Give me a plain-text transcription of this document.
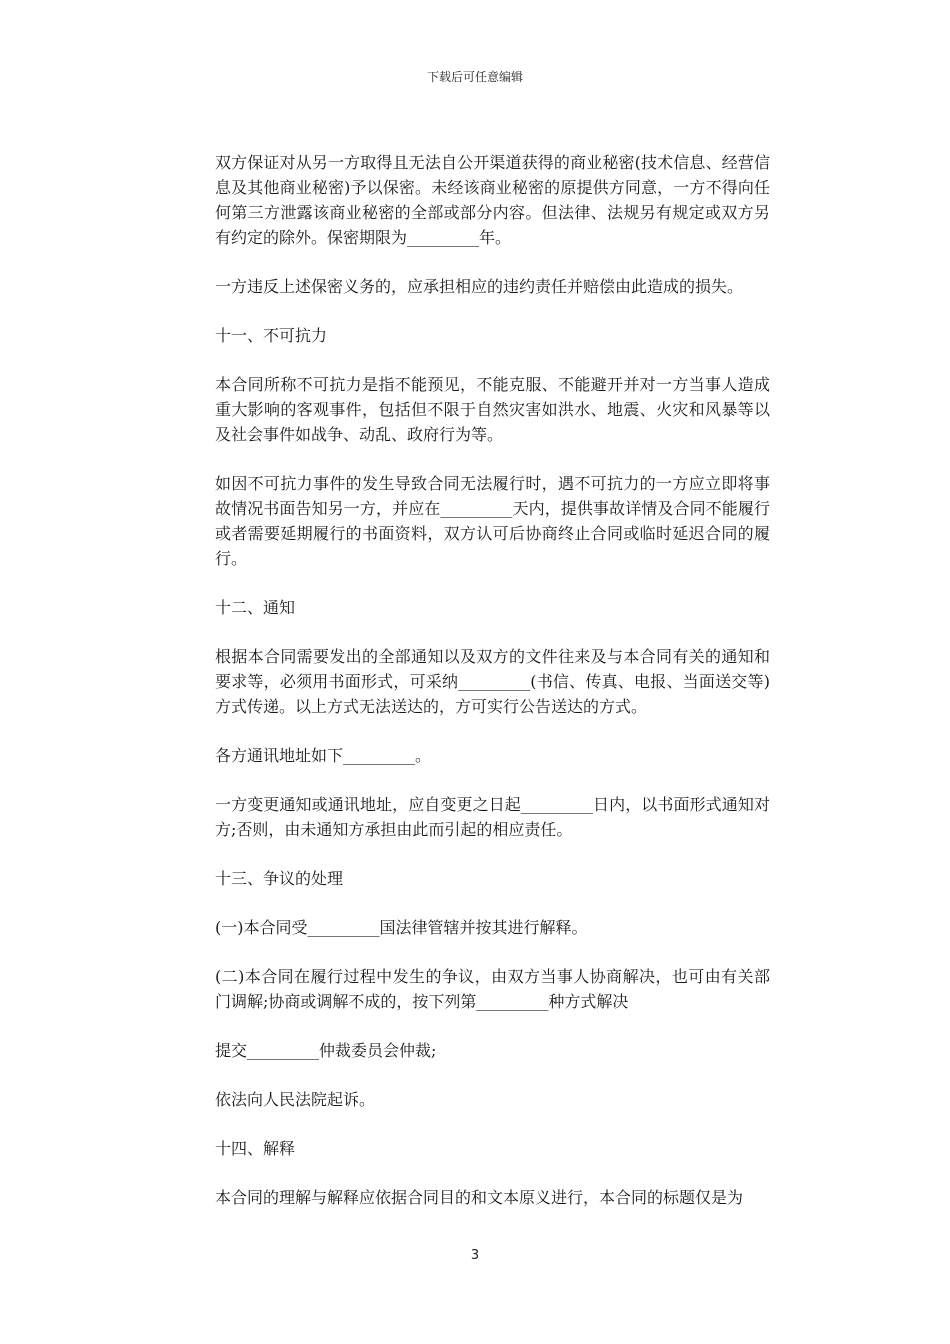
下载后可任意编辑

双方保证对从另一方取得且无法自公开渠道获得的商业秘密(技术信息、经营信息及其他商业秘密)予以保密。未经该商业秘密的原提供方同意，一方不得向任何第三方泄露该商业秘密的全部或部分内容。但法律、法规另有规定或双方另有约定的除外。保密期限为_________年。

一方违反上述保密义务的，应承担相应的违约责任并赔偿由此造成的损失。

十一、不可抗力

本合同所称不可抗力是指不能预见，不能克服、不能避开并对一方当事人造成重大影响的客观事件，包括但不限于自然灾害如洪水、地震、火灾和风暴等以及社会事件如战争、动乱、政府行为等。

如因不可抗力事件的发生导致合同无法履行时，遇不可抗力的一方应立即将事故情况书面告知另一方，并应在_________天内，提供事故详情及合同不能履行或者需要延期履行的书面资料，双方认可后协商终止合同或临时延迟合同的履行。

十二、通知

根据本合同需要发出的全部通知以及双方的文件往来及与本合同有关的通知和要求等，必须用书面形式，可采纳_________(书信、传真、电报、当面送交等)方式传递。以上方式无法送达的，方可实行公告送达的方式。

各方通讯地址如下_________。

一方变更通知或通讯地址，应自变更之日起_________日内，以书面形式通知对方;否则，由未通知方承担由此而引起的相应责任。

十三、争议的处理

(一)本合同受_________国法律管辖并按其进行解释。

(二)本合同在履行过程中发生的争议，由双方当事人协商解决，也可由有关部门调解;协商或调解不成的，按下列第_________种方式解决

提交_________仲裁委员会仲裁;

依法向人民法院起诉。

十四、解释

本合同的理解与解释应依据合同目的和文本原义进行，本合同的标题仅是为

3
